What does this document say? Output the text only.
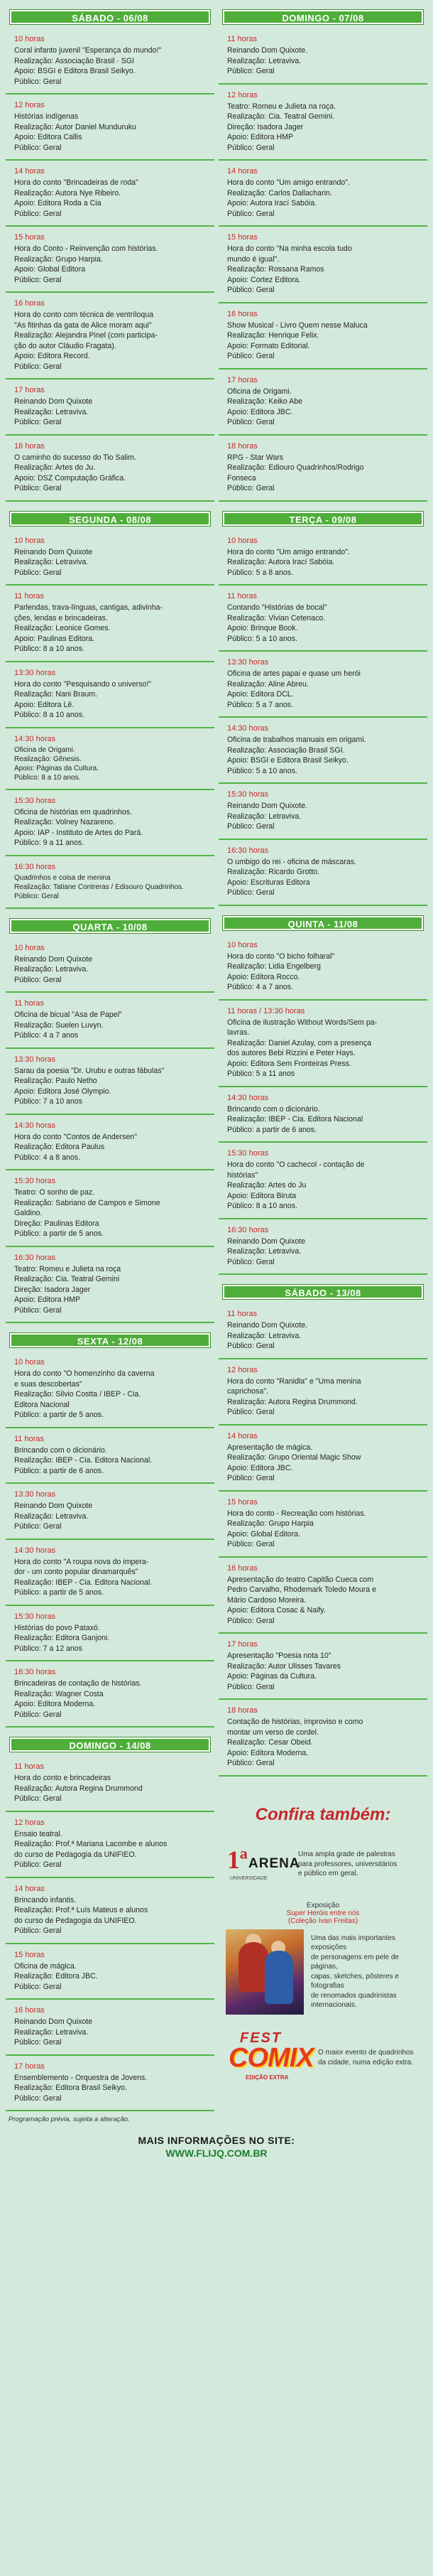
SÁBADO - 06/08
10 horas
Coral infanto juvenil "Esperança do mundo!"
Realização: Associação Brasil · SGI
Apoio: BSGI e Editora Brasil Seikyo.
Público: Geral
12 horas
Histórias indígenas
Realização: Autor Daniel Munduruku
Apoio: Editora Callis
Público: Geral
14 horas
Hora do conto "Brincadeiras de roda"
Realização: Autora Nye Ribeiro.
Apoio: Editora Roda a Cia
Público: Geral
15 horas
Hora do Conto - Reinvenção com histórias.
Realização: Grupo Harpia.
Apoio: Global Editora
Público: Geral
16 horas
Hora do conto com técnica de ventríloqua
"As fitinhas da gata de Alice moram aqui"
Realização: Alejandra Pinel (com participa-
ção do autor Cláudio Fragata).
Apoio: Editora Record.
Público: Geral
17 horas
Reinando Dom Quixote
Realização: Letraviva.
Público: Geral
18 horas
O caminho do sucesso do Tio Salim.
Realização: Artes do Ju.
Apoio: DSZ Computação Gráfica.
Público: Geral
SEGUNDA - 08/08
10 horas
Reinando Dom Quixote
Realização: Letraviva.
Público: Geral
11 horas
Parlendas, trava-línguas, cantigas, adivinha-
ções, lendas e brincadeiras.
Realização: Leonice Gomes.
Apoio: Paulinas Editora.
Público: 8 a 10 anos.
13:30 horas
Hora do conto "Pesquisando o universo!"
Realização: Nani Braum.
Apoio: Editora Lê.
Público: 8 a 10 anos.
14:30 horas
Oficina de Origami.
Realização: Gênesis.
Apoio: Páginas da Cultura.
Público: 8 a 10 anos.
15:30 horas
Oficina de histórias em quadrinhos.
Realização: Volney Nazareno.
Apoio: IAP - Instituto de Artes do Pará.
Público: 9 a 11 anos.
16:30 horas
Quadrinhos e coisa de menina
Realização: Tatiane Contreras / Edisouro Quadrinhos.
Público: Geral
QUARTA - 10/08
10 horas
Reinando Dom Quixote
Realização: Letraviva.
Público: Geral
11 horas
Oficina de bicual "Asa de Papel"
Realização: Suelen Luvyn.
Público: 4 a 7 anos
13:30 horas
Sarau da poesia "Dr. Urubu e outras fábulas"
Realização: Paulo Netho
Apoio: Editora José Olympio.
Público: 7 a 10 anos
14:30 horas
Hora do conto "Contos de Andersen"
Realização: Editora Paulus
Público: 4 a 8 anos.
15:30 horas
Teatro: O sonho de paz.
Realização: Sabriano de Campos e Simone
Galdino.
Direção: Paulinas Editora
Público: a partir de 5 anos.
16:30 horas
Teatro: Romeu e Julieta na roça
Realização: Cia. Teatral Gemini
Direção: Isadora Jager
Apoio: Editora HMP
Público: Geral
SEXTA - 12/08
10 horas
Hora do conto "O homenzinho da caverna
e suas descobertas"
Realização: Silvio Costta / IBEP - Cia.
Editora Nacional
Público: a partir de 5 anos.
11 horas
Brincando com o dicionário.
Realização: IBEP - Cia. Editora Nacional.
Público: a partir de 6 anos.
13:30 horas
Reinando Dom Quixote
Realização: Letraviva.
Público: Geral
14:30 horas
Hora do conto "A roupa nova do impera-
dor - um conto popular dinamarquês"
Realização: IBEP - Cia. Editora Nacional.
Público: a partir de 5 anos.
15:30 horas
Histórias do povo Pataxó.
Realização: Editora Ganjoni.
Público: 7 a 12 anos
16:30 horas
Brincadeiras de contação de histórias.
Realização: Wagner Costa
Apoio: Editora Moderna.
Público: Geral
DOMINGO - 14/08
11 horas
Hora do conto e brincadeiras
Realização: Autora Regina Drummond
Público: Geral
12 horas
Ensaio teatral.
Realização: Prof.ª Mariana Lacombe e alunos
do curso de Pedagogia da UNIFIEO.
Público: Geral
14 horas
Brincando infantis.
Realização: Prof.ª Luís Mateus e alunos
do curso de Pedagogia da UNIFIEO.
Público: Geral
15 horas
Oficina de mágica.
Realização: Editora JBC.
Público: Geral
16 horas
Reinando Dom Quixote
Realização: Letraviva.
Público: Geral
17 horas
Ensemblemento - Orquestra de Jovens.
Realização: Editora Brasil Seikyo.
Público: Geral
DOMINGO - 07/08
11 horas
Reinando Dom Quixote.
Realização: Letraviva.
Público: Geral
12 horas
Teatro: Romeu e Julieta na roça.
Realização: Cia. Teatral Gemini.
Direção: Isadora Jager
Apoio: Editora HMP
Público: Geral
14 horas
Hora do conto "Um amigo entrando".
Realização: Carlos Dallacharin.
Apoio: Autora Irací Sabóia.
Público: Geral
15 horas
Hora do conto "Na minha escola tudo
mundo é igual".
Realização: Rossana Ramos
Apoio: Cortez Editora.
Público: Geral
16 horas
Show Musical - Livro Quem nesse Maluca
Realização: Henrique Felix.
Apoio: Formato Editorial.
Público: Geral
17 horas
Oficina de Origami.
Realização: Keiko Abe
Apoio: Editora JBC.
Público: Geral
18 horas
RPG - Star Wars
Realização: Ediouro Quadrinhos/Rodrigo
Fonseca
Público: Geral
TERÇA - 09/08
10 horas
Hora do conto "Um amigo entrando".
Realização: Autora Irací Sabóia.
Público: 5 a 8 anos.
11 horas
Contando "Histórias de bocal"
Realização: Vivian Cetenaco.
Apoio: Brinque Book.
Público: 5 a 10 anos.
13:30 horas
Oficina de artes papai e quase um herói
Realização: Aline Abreu.
Apoio: Editora DCL.
Público: 5 a 7 anos.
14:30 horas
Oficina de trabalhos manuais em origami.
Realização: Associação Brasil SGI.
Apoio: BSGI e Editora Brasil Seikyo.
Público: 5 a 10 anos.
15:30 horas
Reinando Dom Quixote.
Realização: Letraviva.
Público: Geral
16:30 horas
O umbigo do rei - oficina de máscaras.
Realização: Ricardo Grotto.
Apoio: Escrituras Editora
Público: Geral
QUINTA - 11/08
10 horas
Hora do conto "O bicho folharal"
Realização: Lidia Engelberg
Apoio: Editora Rocco.
Público: 4 a 7 anos.
11 horas / 13:30 horas
Oficina de ilustração Without Words/Sem pa-
lavras.
Realização: Daniel Azulay, com a presença
dos autores Bebi Rizzini e Peter Hays.
Apoio: Editora Sem Fronteiras Press.
Público: 5 a 11 anos
14:30 horas
Brincando com o dicionário.
Realização: IBEP - Cia. Editora Nacional
Público: a partir de 6 anos.
15:30 horas
Hora do conto "O cachecol - contação de
histórias"
Realização: Artes do Ju
Apoio: Editora Biruta
Público: 8 a 10 anos.
16:30 horas
Reinando Dom Quixote
Realização: Letraviva.
Público: Geral
SÁBADO - 13/08
11 horas
Reinando Dom Quixote.
Realização: Letraviva.
Público: Geral
12 horas
Hora do conto "Ranidla" e "Uma menina
caprichosa".
Realização: Autora Regina Drummond.
Público: Geral
14 horas
Apresentação de mágica.
Realização: Grupo Oriental Magic Show
Apoio: Editora JBC.
Público: Geral
15 horas
Hora do conto - Recreação com histórias.
Realização: Grupo Harpia
Apoio: Global Editora.
Público: Geral
16 horas
Apresentação do teatro Capitão Cueca com
Pedro Carvalho, Rhodemark Toledo Moura e
Mário Cardoso Moreira.
Apoio: Editora Cosac & Naify.
Público: Geral
17 horas
Apresentação "Poesia nota 10"
Realização: Autor Ulisses Tavares
Apoio: Páginas da Cultura.
Público: Geral
18 horas
Contação de histórias, improviso e como
montar um verso de cordel.
Realização: Cesar Obeid.
Apoio: Editora Moderna.
Público: Geral
Confira também:
1ª ARENA
UNIVERSIDADE
Uma ampla grade de palestras
para professores, universitários
e público em geral.
Exposição
Super Heróis entre nós
(Coleção Ivan Freitas)
Uma das mais importantes exposições
de personagens em pele de páginas,
capas, sketches, pôsteres e fotografias
de renomados quadrinistas internacionais.
FEST
COMIX
EDIÇÃO EXTRA
O maior evento de quadrinhos
da cidade, numa edição extra.
Programação prévia, sujeita a alteração.
MAIS INFORMAÇÕES NO SITE:
WWW.FLIJQ.COM.BR
